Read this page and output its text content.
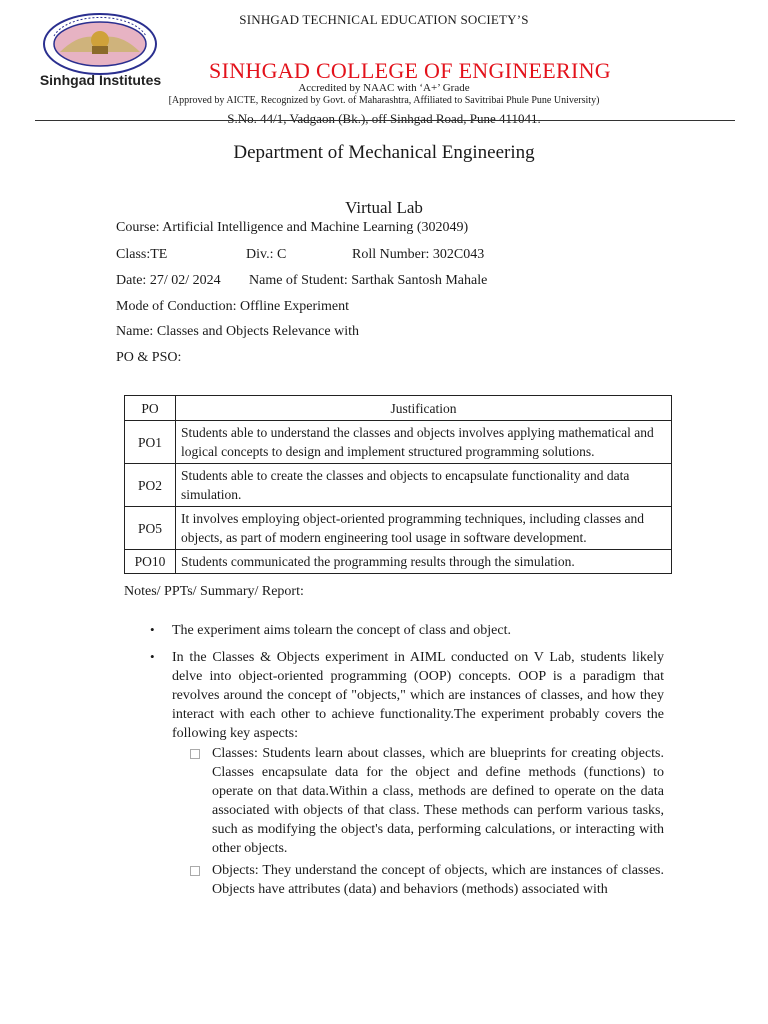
Sinhgad Institutes
SINHGAD TECHNICAL EDUCATION SOCIETY’S
SINHGAD COLLEGE OF ENGINEERING
Accredited by NAAC with ‘A+’ Grade
[Approved by AICTE, Recognized by Govt. of Maharashtra, Affiliated to Savitribai Phule Pune University)
S.No. 44/1, Vadgaon (Bk.), off Sinhgad Road, Pune 411041.
Department of Mechanical Engineering
Virtual Lab
Course: Artificial Intelligence and Machine Learning (302049)
Class:TE	Div.: C	Roll Number: 302C043
Date: 27/ 02/ 2024 Name of Student: Sarthak Santosh Mahale
Mode of Conduction: Offline Experiment
Name: Classes and Objects Relevance with
PO & PSO:
PO	Justification
PO1	Students able to understand the classes and objects involves applying mathematical and logical concepts to design and implement structured programming solutions.
PO2	Students able to create the classes and objects to encapsulate functionality and data simulation.
PO5	It involves employing object-oriented programming techniques, including classes and objects, as part of modern engineering tool usage in software development.
PO10	Students communicated the programming results through the simulation.
Notes/ PPTs/ Summary/ Report:
• The experiment aims tolearn the concept of class and object.
• In the Classes & Objects experiment in AIML conducted on V Lab, students likely delve into object-oriented programming (OOP) concepts. OOP is a paradigm that revolves around the concept of "objects," which are instances of classes, and how they interact with each other to achieve functionality.The experiment probably covers the following key aspects:
Classes: Students learn about classes, which are blueprints for creating objects. Classes encapsulate data for the object and define methods (functions) to operate on that data.Within a class, methods are defined to operate on the data associated with objects of that class. These methods can perform various tasks, such as modifying the object's data, performing calculations, or interacting with other objects.
Objects: They understand the concept of objects, which are instances of classes. Objects have attributes (data) and behaviors (methods) associated with
